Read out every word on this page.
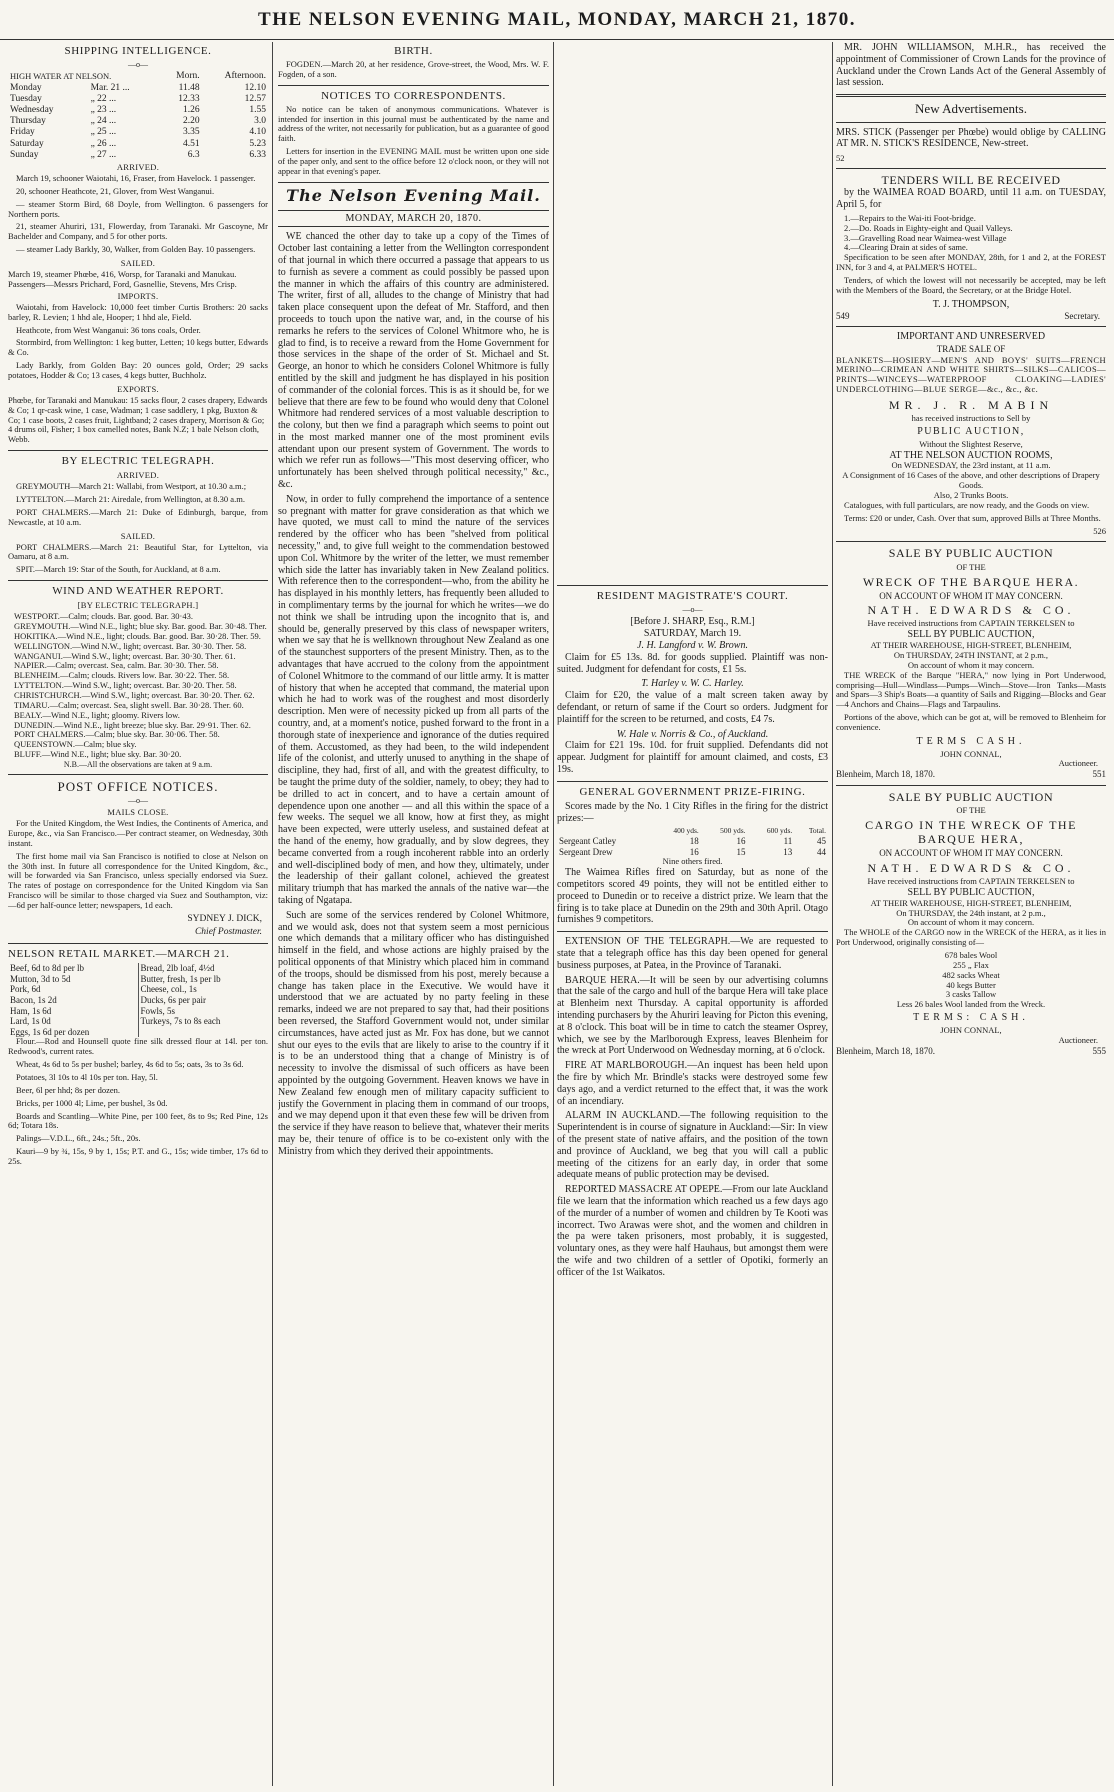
THE NELSON EVENING MAIL, MONDAY, MARCH 21, 1870.
SHIPPING INTELLIGENCE.
—o—
HIGH WATER AT NELSON.		Morn.	Afternoon.
Monday	Mar. 21 ...	11.48	12.10
Tuesday	„ 22 ...	12.33	12.57
Wednesday	„ 23 ...	1.26	1.55
Thursday	„ 24 ...	2.20	3.0
Friday	„ 25 ...	3.35	4.10
Saturday	„ 26 ...	4.51	5.23
Sunday	„ 27 ...	6.3	6.33
ARRIVED.

March 19, schooner Waiotahi, 16, Fraser, from Havelock. 1 passenger.

20, schooner Heathcote, 21, Glover, from West Wanganui.

— steamer Storm Bird, 68 Doyle, from Wellington. 6 passengers for Northern ports.

21, steamer Ahuriri, 131, Flowerday, from Taranaki. Mr Gascoyne, Mr Bachelder and Company, and 5 for other ports.

— steamer Lady Barkly, 30, Walker, from Golden Bay. 10 passengers.

SAILED.
March 19, steamer Phœbe, 416, Worsp, for Taranaki and Manukau. Passengers—Messrs Prichard, Ford, Gasnellie, Stevens, Mrs Crisp.
IMPORTS.

Waiotahi, from Havelock: 10,000 feet timber Curtis Brothers: 20 sacks barley, R. Levien; 1 hhd ale, Hooper; 1 hhd ale, Field.

Heathcote, from West Wanganui: 36 tons coals, Order.

Stormbird, from Wellington: 1 keg butter, Letten; 10 kegs butter, Edwards & Co.

Lady Barkly, from Golden Bay: 20 ounces gold, Order; 29 sacks potatoes, Hodder & Co; 13 cases, 4 kegs butter, Buchholz.

EXPORTS.
Phœbe, for Taranaki and Manukau: 15 sacks flour, 2 cases drapery, Edwards & Co; 1 qr-cask wine, 1 case, Wadman; 1 case saddlery, 1 pkg, Buxton & Co; 1 case boots, 2 cases fruit, Lightband; 2 cases drapery, Morrison & Go; 4 drums oil, Fisher; 1 box camelled notes, Bank N.Z; 1 bale Nelson cloth, Webb.
BY ELECTRIC TELEGRAPH.
ARRIVED.

GREYMOUTH—March 21: Wallabi, from Westport, at 10.30 a.m.;

LYTTELTON.—March 21: Airedale, from Wellington, at 8.30 a.m.

PORT CHALMERS.—March 21: Duke of Edinburgh, barque, from Newcastle, at 10 a.m.

SAILED.

PORT CHALMERS.—March 21: Beautiful Star, for Lyttelton, via Oamaru, at 8 a.m.

SPIT.—March 19: Star of the South, for Auckland, at 8 a.m.

WIND AND WEATHER REPORT.
[BY ELECTRIC TELEGRAPH.]
WESTPORT.—Calm; clouds. Bar. good. Bar. 30·43.
GREYMOUTH.—Wind N.E., light; blue sky. Bar. good. Bar. 30·48. Ther.
HOKITIKA.—Wind N.E., light; clouds. Bar. good. Bar. 30·28. Ther. 59.
WELLINGTON.—Wind N.W., light; overcast. Bar. 30·30. Ther. 58.
WANGANUI.—Wind S.W., light; overcast. Bar. 30·30. Ther. 61.
NAPIER.—Calm; overcast. Sea, calm. Bar. 30·30. Ther. 58.
BLENHEIM.—Calm; clouds. Rivers low. Bar. 30·22. Ther. 58.
LYTTELTON.—Wind S.W., light; overcast. Bar. 30·20. Ther. 58.
CHRISTCHURCH.—Wind S.W., light; overcast. Bar. 30·20. Ther. 62.
TIMARU.—Calm; overcast. Sea, slight swell. Bar. 30·28. Ther. 60.
BEALY.—Wind N.E., light; gloomy. Rivers low.
DUNEDIN.—Wind N.E., light breeze; blue sky. Bar. 29·91. Ther. 62.
PORT CHALMERS.—Calm; blue sky. Bar. 30·06. Ther. 58.
QUEENSTOWN.—Calm; blue sky.
BLUFF.—Wind N.E., light; blue sky. Bar. 30·20.
N.B.—All the observations are taken at 9 a.m.
POST OFFICE NOTICES.
—o—
MAILS CLOSE.

For the United Kingdom, the West Indies, the Continents of America, and Europe, &c., via San Francisco.—Per contract steamer, on Wednesday, 30th instant.

The first home mail via San Francisco is notified to close at Nelson on the 30th inst. In future all correspondence for the United Kingdom, &c., will be forwarded via San Francisco, unless specially endorsed via Suez. The rates of postage on correspondence for the United Kingdom via San Francisco will be similar to those charged via Suez and Southampton, viz:—6d per half-ounce letter; newspapers, 1d each.

SYDNEY J. DICK,
Chief Postmaster.
NELSON RETAIL MARKET.—MARCH 21.
Beef, 6d to 8d per lb	Bread, 2lb loaf, 4½d
Mutton, 3d to 5d	Butter, fresh, 1s per lb
Pork, 6d	Cheese, col., 1s
Bacon, 1s 2d	Ducks, 6s per pair
Ham, 1s 6d	Fowls, 5s
Lard, 1s 0d	Turkeys, 7s to 8s each
Eggs, 1s 6d per dozen	

Flour.—Rod and Hounsell quote fine silk dressed flour at 14l. per ton. Redwood's, current rates.

Wheat, 4s 6d to 5s per bushel; barley, 4s 6d to 5s; oats, 3s to 3s 6d.

Potatoes, 3l 10s to 4l 10s per ton. Hay, 5l.

Beer, 6l per hhd; 8s per dozen.

Bricks, per 1000 4l; Lime, per bushel, 3s 0d.

Boards and Scantling—White Pine, per 100 feet, 8s to 9s; Red Pine, 12s 6d; Totara 18s.

Palings—V.D.L., 6ft., 24s.; 5ft., 20s.

Kauri—9 by ¾, 15s, 9 by 1, 15s; P.T. and G., 15s; wide timber, 17s 6d to 25s.

BIRTH.

FOGDEN.—March 20, at her residence, Grove-street, the Wood, Mrs. W. F. Fogden, of a son.

NOTICES TO CORRESPONDENTS.

No notice can be taken of anonymous communications. Whatever is intended for insertion in this journal must be authenticated by the name and address of the writer, not necessarily for publication, but as a guarantee of good faith.

Letters for insertion in the EVENING MAIL must be written upon one side of the paper only, and sent to the office before 12 o'clock noon, or they will not appear in that evening's paper.

The Nelson Evening Mail.
MONDAY, MARCH 20, 1870.

WE chanced the other day to take up a copy of the Times of October last containing a letter from the Wellington correspondent of that journal in which there occurred a passage that appears to us to furnish as severe a comment as could possibly be passed upon the manner in which the affairs of this country are administered. The writer, first of all, alludes to the change of Ministry that had taken place consequent upon the defeat of Mr. Stafford, and then proceeds to touch upon the native war, and, in the course of his remarks he refers to the services of Colonel Whitmore who, he is glad to find, is to receive a reward from the Home Government for those services in the shape of the order of St. Michael and St. George, an honor to which he considers Colonel Whitmore is fully entitled by the skill and judgment he has displayed in his position of commander of the colonial forces. This is as it should be, for we believe that there are few to be found who would deny that Colonel Whitmore had rendered services of a most valuable description to the colony, but then we find a paragraph which seems to point out in the most marked manner one of the most prominent evils attendant upon our present system of Government. The words to which we refer run as follows—"This most deserving officer, who unfortunately has been shelved through political necessity," &c., &c.

Now, in order to fully comprehend the importance of a sentence so pregnant with matter for grave consideration as that which we have quoted, we must call to mind the nature of the services rendered by the officer who has been "shelved from political necessity," and, to give full weight to the commendation bestowed upon Col. Whitmore by the writer of the letter, we must remember which side the latter has invariably taken in New Zealand politics. With reference then to the correspondent—who, from the ability he has displayed in his monthly letters, has frequently been alluded to in complimentary terms by the journal for which he writes—we do not think we shall be intruding upon the incognito that is, and should be, generally preserved by this class of newspaper writers, when we say that he is wellknown throughout New Zealand as one of the staunchest supporters of the present Ministry. Then, as to the advantages that have accrued to the colony from the appointment of Colonel Whitmore to the command of our little army. It is matter of history that when he accepted that command, the material upon which he had to work was of the roughest and most disorderly description. Men were of necessity picked up from all parts of the country, and, at a moment's notice, pushed forward to the front in a thorough state of inexperience and ignorance of the duties required of them. Accustomed, as they had been, to the wild independent life of the colonist, and utterly unused to anything in the shape of discipline, they had, first of all, and with the greatest difficulty, to be taught the prime duty of the soldier, namely, to obey; they had to be drilled to act in concert, and to have a certain amount of dependence upon one another — and all this within the space of a few weeks. The sequel we all know, how at first they, as might have been expected, were utterly useless, and sustained defeat at the hand of the enemy, how gradually, and by slow degrees, they became converted from a rough incoherent rabble into an orderly and well-disciplined body of men, and how they, ultimately, under the leadership of their gallant colonel, achieved the greatest military triumph that has marked the annals of the native war—the taking of Ngatapa.

Such are some of the services rendered by Colonel Whitmore, and we would ask, does not that system seem a most pernicious one which demands that a military officer who has distinguished himself in the field, and whose actions are highly praised by the political opponents of that Ministry which placed him in command of the troops, should be dismissed from his post, merely because a change has taken place in the Executive. We would have it understood that we are actuated by no party feeling in these remarks, indeed we are not prepared to say that, had their positions been reversed, the Stafford Government would not, under similar circumstances, have acted just as Mr. Fox has done, but we cannot shut our eyes to the evils that are likely to arise to the country if it is to be an understood thing that a change of Ministry is of necessity to involve the dismissal of such officers as have been appointed by the outgoing Government. Heaven knows we have in New Zealand few enough men of military capacity sufficient to justify the Government in placing them in command of our troops, and we may depend upon it that even these few will be driven from the service if they have reason to believe that, whatever their merits may be, their tenure of office is to be co-existent only with the Ministry from which they derived their appointments.

RESIDENT MAGISTRATE'S COURT.
—o—
[Before J. SHARP, Esq., R.M.]
SATURDAY, March 19.
J. H. Langford v. W. Brown.

Claim for £5 13s. 8d. for goods supplied. Plaintiff was non-suited. Judgment for defendant for costs, £1 5s.

T. Harley v. W. C. Harley.

Claim for £20, the value of a malt screen taken away by defendant, or return of same if the Court so orders. Judgment for plaintiff for the screen to be returned, and costs, £4 7s.

W. Hale v. Norris & Co., of Auckland.

Claim for £21 19s. 10d. for fruit supplied. Defendants did not appear. Judgment for plaintiff for amount claimed, and costs, £3 19s.

GENERAL GOVERNMENT PRIZE-FIRING.

Scores made by the No. 1 City Rifles in the firing for the district prizes:—

	400 yds.	500 yds.	600 yds.	Total.
Sergeant Catley	18	16	11	45
Sergeant Drew	16	15	13	44
Nine others fired.

The Waimea Rifles fired on Saturday, but as none of the competitors scored 49 points, they will not be entitled either to proceed to Dunedin or to receive a district prize. We learn that the firing is to take place at Dunedin on the 29th and 30th April. Otago furnishes 9 competitors.

EXTENSION OF THE TELEGRAPH.—We are requested to state that a telegraph office has this day been opened for general business purposes, at Patea, in the Province of Taranaki.

BARQUE HERA.—It will be seen by our advertising columns that the sale of the cargo and hull of the barque Hera will take place at Blenheim next Thursday. A capital opportunity is afforded intending purchasers by the Ahuriri leaving for Picton this evening, at 8 o'clock. This boat will be in time to catch the steamer Osprey, which, we see by the Marlborough Express, leaves Blenheim for the wreck at Port Underwood on Wednesday morning, at 6 o'clock.

FIRE AT MARLBOROUGH.—An inquest has been held upon the fire by which Mr. Brindle's stacks were destroyed some few days ago, and a verdict returned to the effect that, it was the work of an incendiary.

ALARM IN AUCKLAND.—The following requisition to the Superintendent is in course of signature in Auckland:—Sir: In view of the present state of native affairs, and the position of the town and province of Auckland, we beg that you will call a public meeting of the citizens for an early day, in order that some adequate means of public protection may be devised.

REPORTED MASSACRE AT OPEPE.—From our late Auckland file we learn that the information which reached us a few days ago of the murder of a number of women and children by Te Kooti was incorrect. Two Arawas were shot, and the women and children in the pa were taken prisoners, most probably, it is suggested, voluntary ones, as they were half Hauhaus, but amongst them were the wife and two children of a settler of Opotiki, formerly an officer of the 1st Waikatos.

MR. JOHN WILLIAMSON, M.H.R., has received the appointment of Commissioner of Crown Lands for the province of Auckland under the Crown Lands Act of the General Assembly of last session.

New Advertisements.

MRS. STICK (Passenger per Phœbe) would oblige by CALLING AT MR. N. STICK'S RESIDENCE, New-street.

52
TENDERS WILL BE RECEIVED

by the WAIMEA ROAD BOARD, until 11 a.m. on TUESDAY, April 5, for

1.—Repairs to the Wai-iti Foot-bridge.
2.—Do. Roads in Eighty-eight and Quail Valleys.
3.—Gravelling Road near Waimea-west Village
4.—Clearing Drain at sides of same.

Specification to be seen after MONDAY, 28th, for 1 and 2, at the FOREST INN, for 3 and 4, at PALMER'S HOTEL.

Tenders, of which the lowest will not necessarily be accepted, may be left with the Members of the Board, the Secretary, or at the Bridge Hotel.

T. J. THOMPSON,
549	Secretary.
IMPORTANT AND UNRESERVED
TRADE SALE OF

BLANKETS—HOSIERY—MEN'S AND BOYS' SUITS—FRENCH MERINO—CRIMEAN AND WHITE SHIRTS—SILKS—CALICOS—PRINTS—WINCEYS—WATERPROOF CLOAKING—LADIES' UNDERCLOTHING—BLUE SERGE—&c., &c., &c.

MR. J. R. MABIN
has received instructions to Sell by
PUBLIC AUCTION,
Without the Slightest Reserve,
AT THE NELSON AUCTION ROOMS,
On WEDNESDAY, the 23rd instant, at 11 a.m.
A Consignment of 16 Cases of the above, and other descriptions of Drapery Goods.
Also, 2 Trunks Boots.

Catalogues, with full particulars, are now ready, and the Goods on view.

Terms: £20 or under, Cash. Over that sum, approved Bills at Three Months.

526
SALE BY PUBLIC AUCTION
OF THE
WRECK OF THE BARQUE HERA.
ON ACCOUNT OF WHOM IT MAY CONCERN.
NATH. EDWARDS & CO.
Have received instructions from CAPTAIN TERKELSEN to
SELL BY PUBLIC AUCTION,
AT THEIR WAREHOUSE, HIGH-STREET, BLENHEIM,
On THURSDAY, 24TH INSTANT, at 2 p.m.,
On account of whom it may concern.

THE WRECK of the Barque "HERA," now lying in Port Underwood, comprising—Hull—Windlass—Pumps—Winch—Stove—Iron Tanks—Masts and Spars—3 Ship's Boats—a quantity of Sails and Rigging—Blocks and Gear—4 Anchors and Chains—Flags and Tarpaulins.

Portions of the above, which can be got at, will be removed to Blenheim for convenience.

TERMS CASH.
JOHN CONNAL,
Auctioneer.
Blenheim, March 18, 1870.	551
SALE BY PUBLIC AUCTION
OF THE
CARGO IN THE WRECK OF THE BARQUE HERA,
ON ACCOUNT OF WHOM IT MAY CONCERN.
NATH. EDWARDS & CO.
Have received instructions from CAPTAIN TERKELSEN to
SELL BY PUBLIC AUCTION,
AT THEIR WAREHOUSE, HIGH-STREET, BLENHEIM,
On THURSDAY, the 24th instant, at 2 p.m.,
On account of whom it may concern.

The WHOLE of the CARGO now in the WRECK of the HERA, as it lies in Port Underwood, originally consisting of—

678 bales Wool
255 „ Flax
482 sacks Wheat
40 kegs Butter
3 casks Tallow
Less 26 bales Wool landed from the Wreck.
TERMS: CASH.
JOHN CONNAL,
Auctioneer.
Blenheim, March 18, 1870.	555
